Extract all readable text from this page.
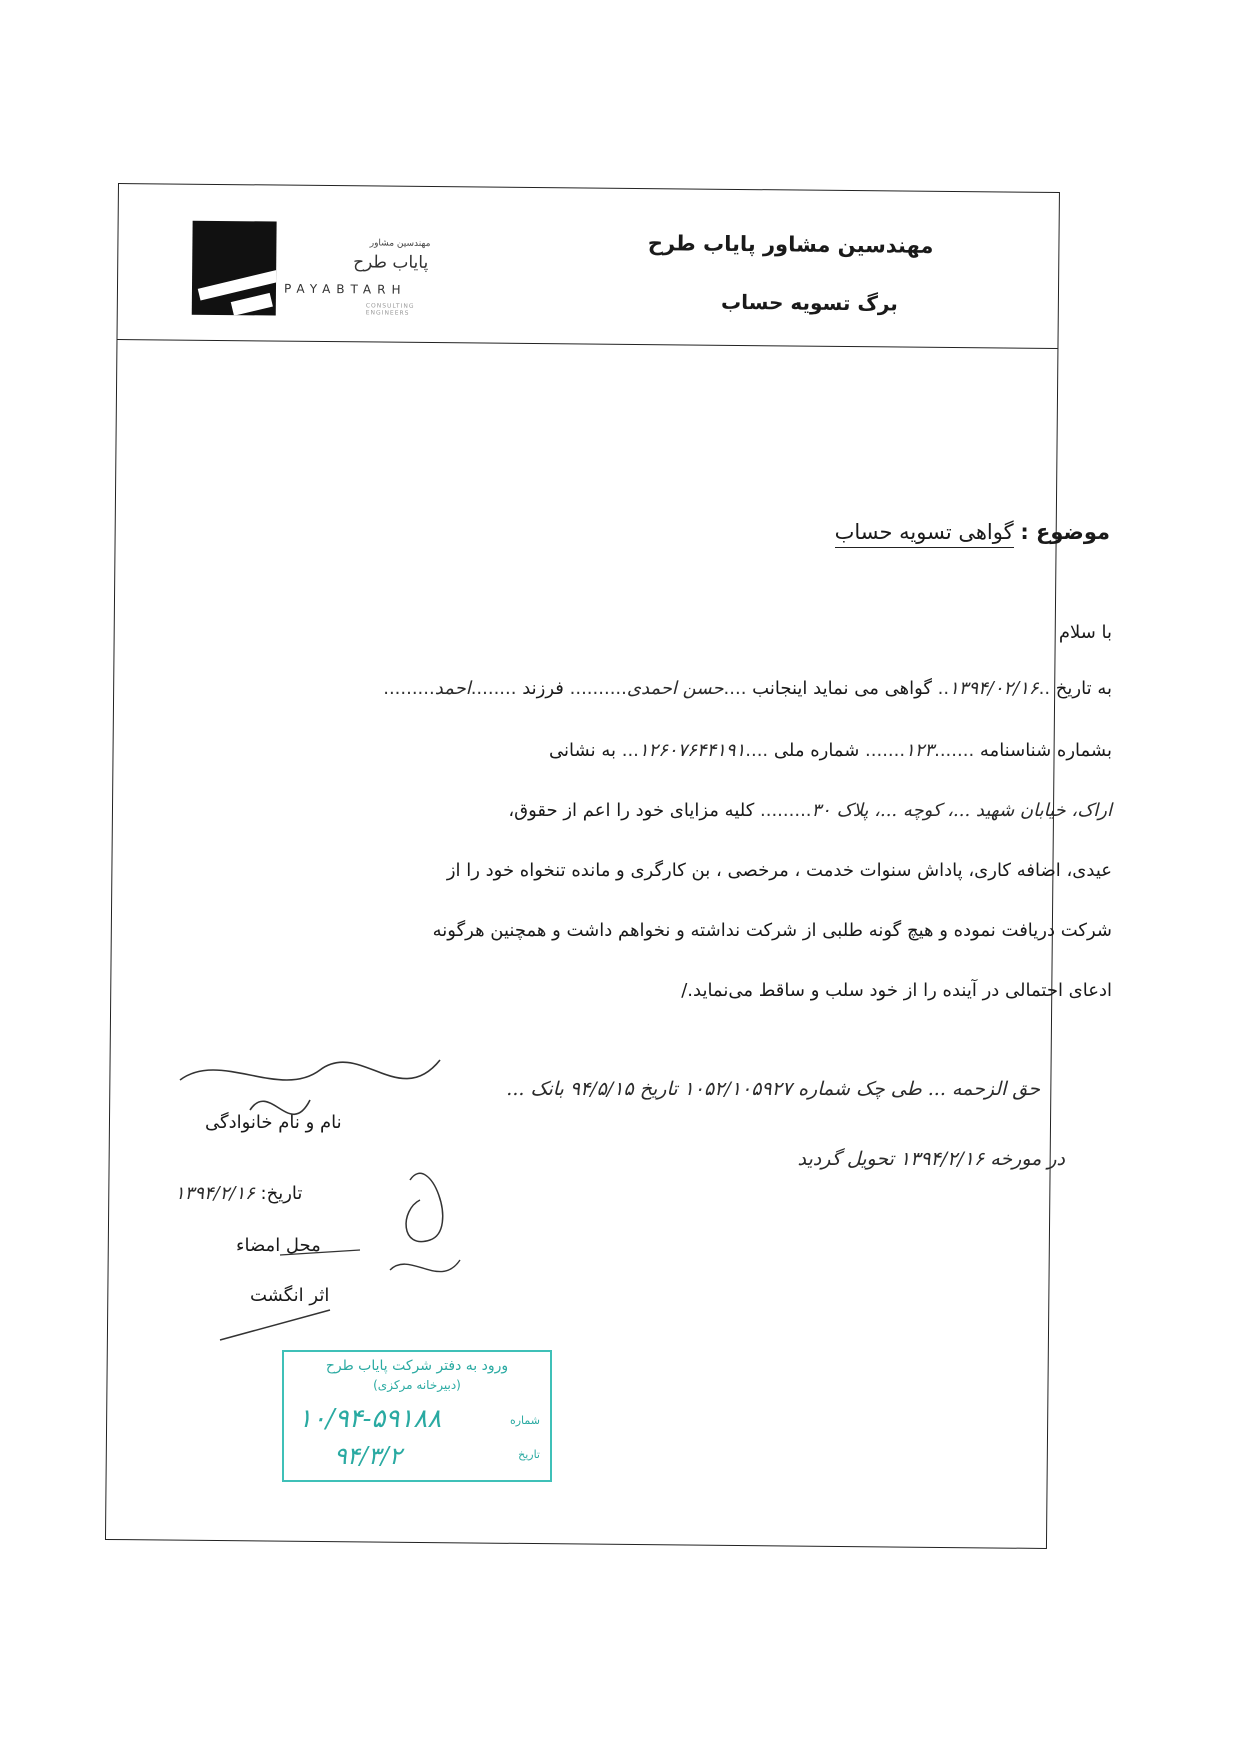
مهندسین مشاور
پایاب طرح
PAYABTARH
CONSULTING ENGINEERS
مهندسین مشاور پایاب طرح
برگ تسویه حساب
موضوع : گواهی تسویه حساب
با سلام
به تاریخ ..۱۳۹۴/۰۲/۱۶.. گواهی می نماید اینجانب ....حسن احمدی.......... فرزند ........احمد.........
بشماره شناسنامه .......۱۲۳....... شماره ملی ....۱۲۶۰۷۶۴۴۱۹۱... به نشانی
اراک، خیابان شهید ...، کوچه ...، پلاک ۳۰......... کلیه مزایای خود را اعم از حقوق،
عیدی، اضافه کاری، پاداش سنوات خدمت ، مرخصی ، بن کارگری و مانده تنخواه خود را از
شرکت دریافت نموده و هیچ گونه طلبی از شرکت نداشته و نخواهم داشت و همچنین هرگونه
ادعای احتمالی در آینده را از خود سلب و ساقط می‌نماید./
حق الزحمه ... طی چک شماره ۱۰۵۲/۱۰۵۹۲۷ تاریخ ۹۴/۵/۱۵ بانک ...
در مورخه ۱۳۹۴/۲/۱۶ تحویل گردید
نام و نام خانوادگی
تاریخ: ۱۳۹۴/۲/۱۶
محل امضاء
اثر انگشت
ورود به دفتر شرکت پایاب طرح
(دبیرخانه مرکزی)
۱۰/۹۴-۵۹۱۸۸
۹۴/۳/۲
شماره
تاریخ
